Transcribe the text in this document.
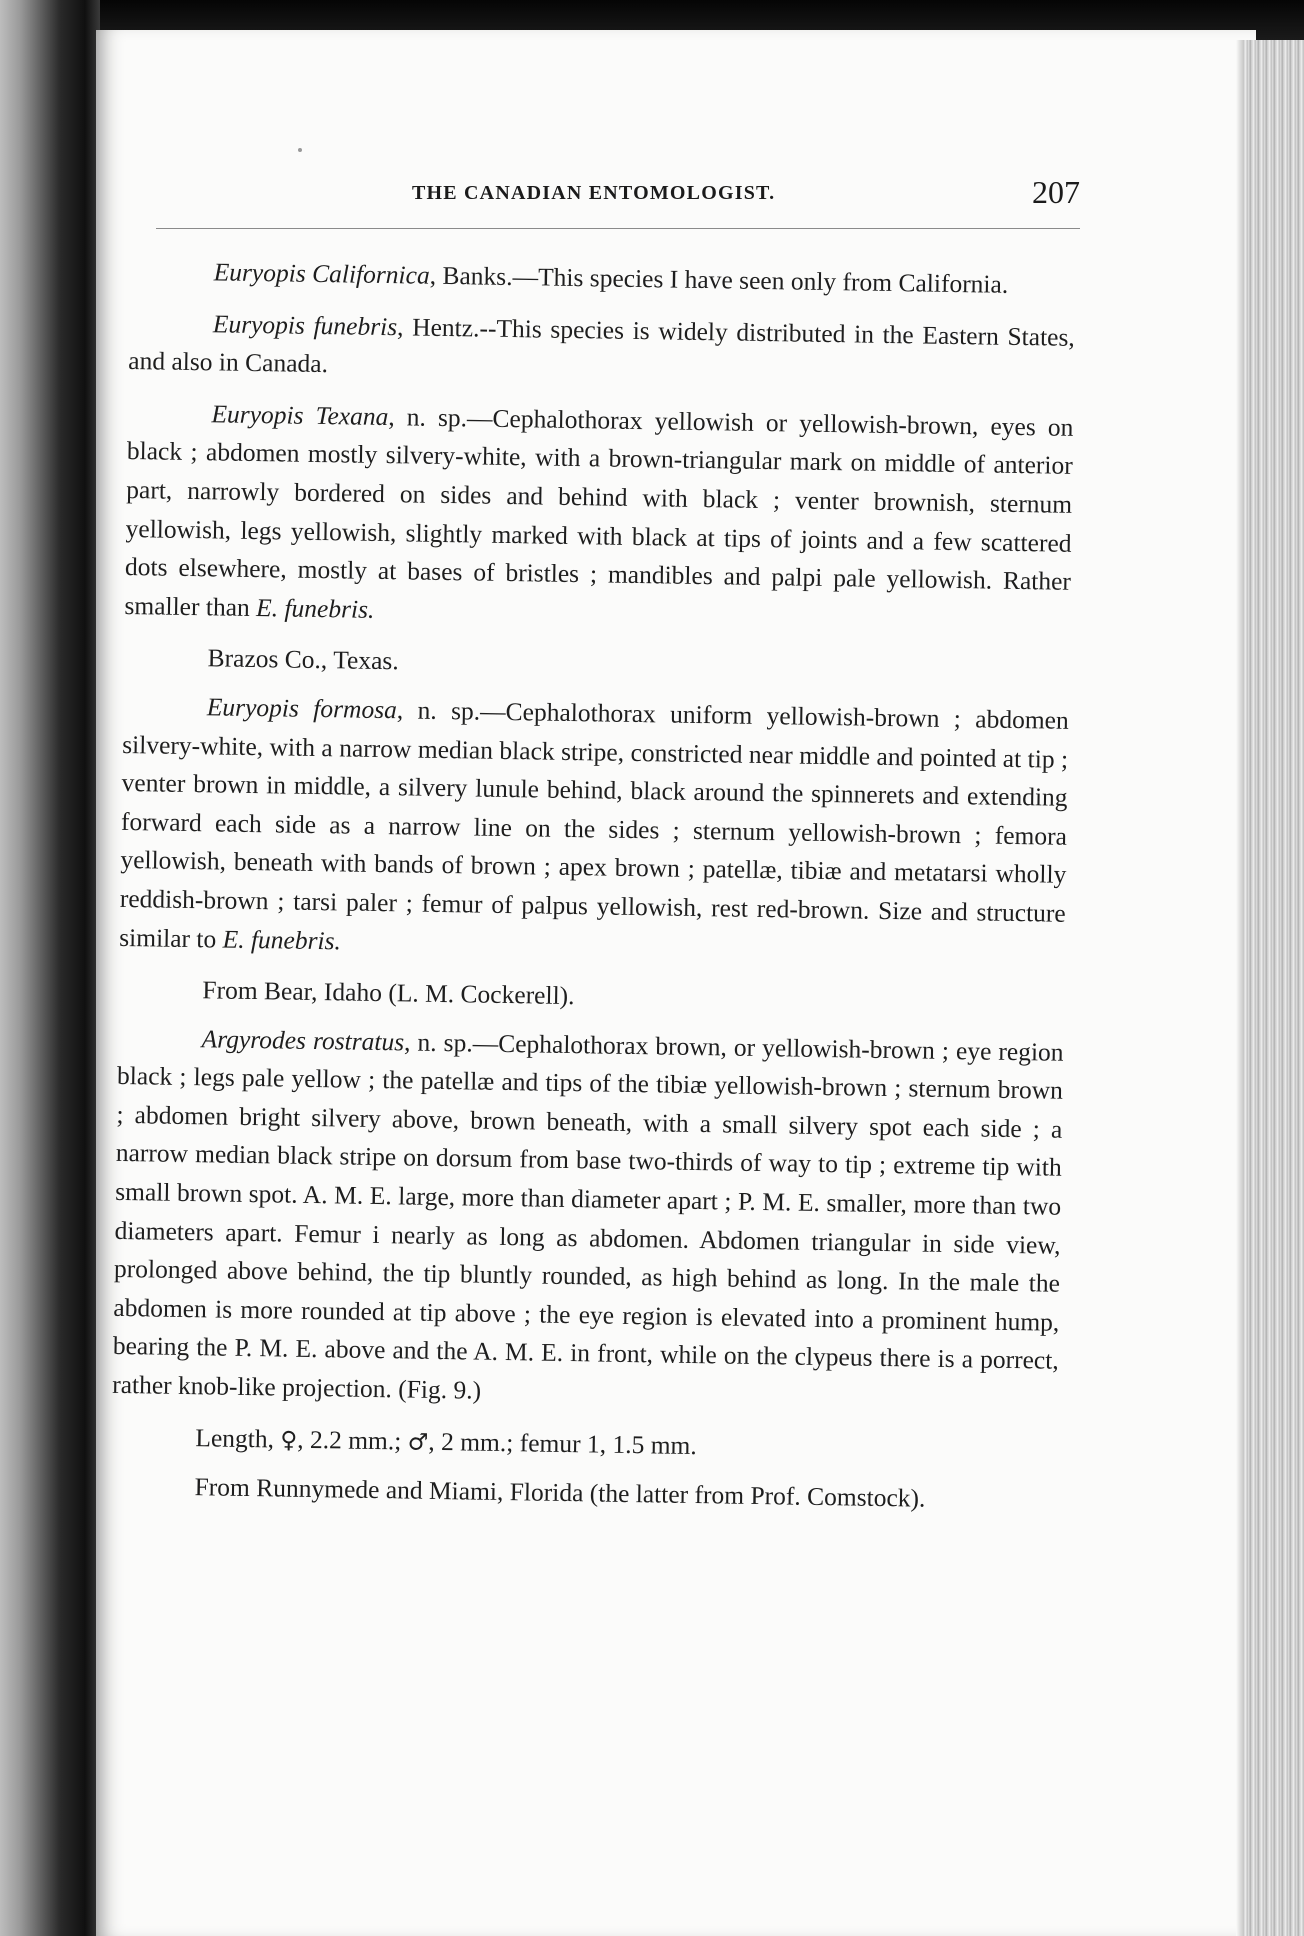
THE CANADIAN ENTOMOLOGIST.	207

Euryopis Californica, Banks.—This species I have seen only from California.

Euryopis funebris, Hentz.--This species is widely distributed in the Eastern States, and also in Canada.

Euryopis Texana, n. sp.—Cephalothorax yellowish or yellowish-brown, eyes on black ; abdomen mostly silvery-white, with a brown-triangular mark on middle of anterior part, narrowly bordered on sides and behind with black ; venter brownish, sternum yellowish, legs yellowish, slightly marked with black at tips of joints and a few scattered dots elsewhere, mostly at bases of bristles ; mandibles and palpi pale yellowish. Rather smaller than E. funebris.

Brazos Co., Texas.

Euryopis formosa, n. sp.—Cephalothorax uniform yellowish-brown ; abdomen silvery-white, with a narrow median black stripe, constricted near middle and pointed at tip ; venter brown in middle, a silvery lunule behind, black around the spinnerets and extending forward each side as a narrow line on the sides ; sternum yellowish-brown ; femora yellowish, beneath with bands of brown ; apex brown ; patellæ, tibiæ and metatarsi wholly reddish-brown ; tarsi paler ; femur of palpus yellowish, rest red-brown. Size and structure similar to E. funebris.

From Bear, Idaho (L. M. Cockerell).

Argyrodes rostratus, n. sp.—Cephalothorax brown, or yellowish-brown ; eye region black ; legs pale yellow ; the patellæ and tips of the tibiæ yellowish-brown ; sternum brown ; abdomen bright silvery above, brown beneath, with a small silvery spot each side ; a narrow median black stripe on dorsum from base two-thirds of way to tip ; extreme tip with small brown spot. A. M. E. large, more than diameter apart ; P. M. E. smaller, more than two diameters apart. Femur i nearly as long as abdomen. Abdomen triangular in side view, prolonged above behind, the tip bluntly rounded, as high behind as long. In the male the abdomen is more rounded at tip above ; the eye region is elevated into a prominent hump, bearing the P. M. E. above and the A. M. E. in front, while on the clypeus there is a porrect, rather knob-like projection. (Fig. 9.)

Length, ♀, 2.2 mm.; ♂, 2 mm.; femur 1, 1.5 mm.

From Runnymede and Miami, Florida (the latter from Prof. Comstock).
